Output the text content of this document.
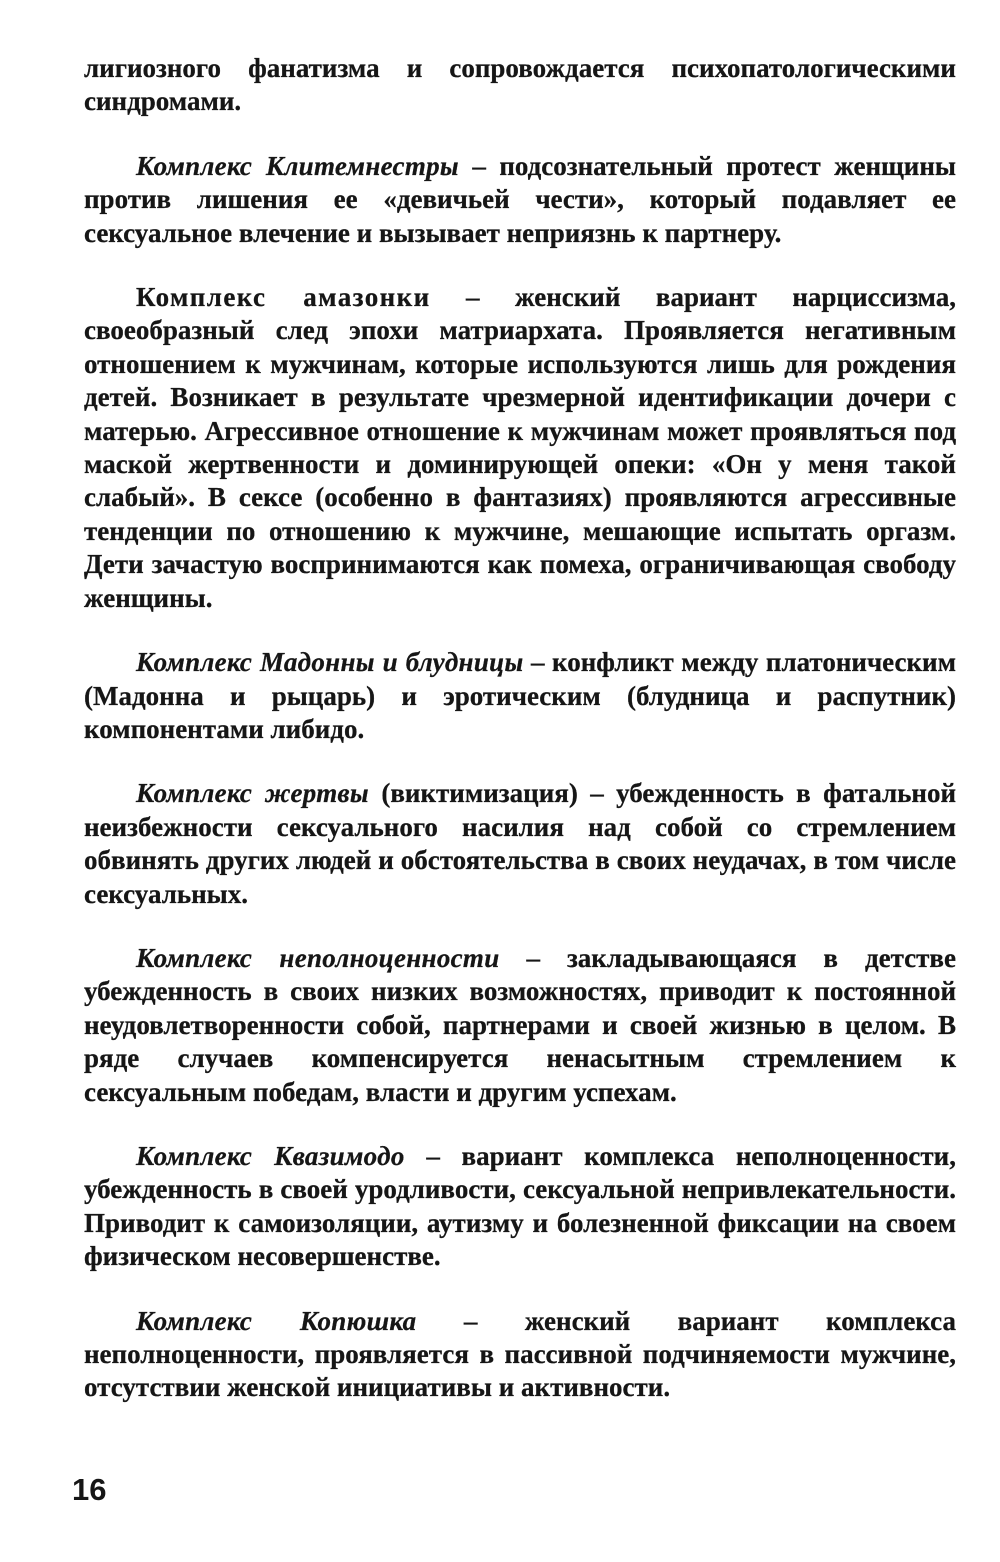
лигиозного фанатизма и сопровождается психопатологическими синдромами.

Комплекс Клитемнестры – подсознательный протест женщины против лишения ее «девичьей чести», который подавляет ее сексуальное влечение и вызывает неприязнь к партнеру.

Комплекс амазонки – женский вариант нарциссизма, своеобразный след эпохи матриархата. Проявляется негативным отношением к мужчинам, которые используются лишь для рождения детей. Возникает в результате чрезмерной идентификации дочери с матерью. Агрессивное отношение к мужчинам может проявляться под маской жертвенности и доминирующей опеки: «Он у меня такой слабый». В сексе (особенно в фантазиях) проявляются агрессивные тенденции по отношению к мужчине, мешающие испытать оргазм. Дети зачастую воспринимаются как помеха, ограничивающая свободу женщины.

Комплекс Мадонны и блудницы – конфликт между платоническим (Мадонна и рыцарь) и эротическим (блудница и распутник) компонентами либидо.

Комплекс жертвы (виктимизация) – убежденность в фатальной неизбежности сексуального насилия над собой со стремлением обвинять других людей и обстоятельства в своих неудачах, в том числе сексуальных.

Комплекс неполноценности – закладывающаяся в детстве убежденность в своих низких возможностях, приводит к постоянной неудовлетворенности собой, партнерами и своей жизнью в целом. В ряде случаев компенсируется ненасытным стремлением к сексуальным победам, власти и другим успехам.

Комплекс Квазимодо – вариант комплекса неполноценности, убежденность в своей уродливости, сексуальной непривлекательности. Приводит к самоизоляции, аутизму и болезненной фиксации на своем физическом несовершенстве.

Комплекс Копюшка – женский вариант комплекса неполноценности, проявляется в пассивной подчиняемости мужчине, отсутствии женской инициативы и активности.

16
